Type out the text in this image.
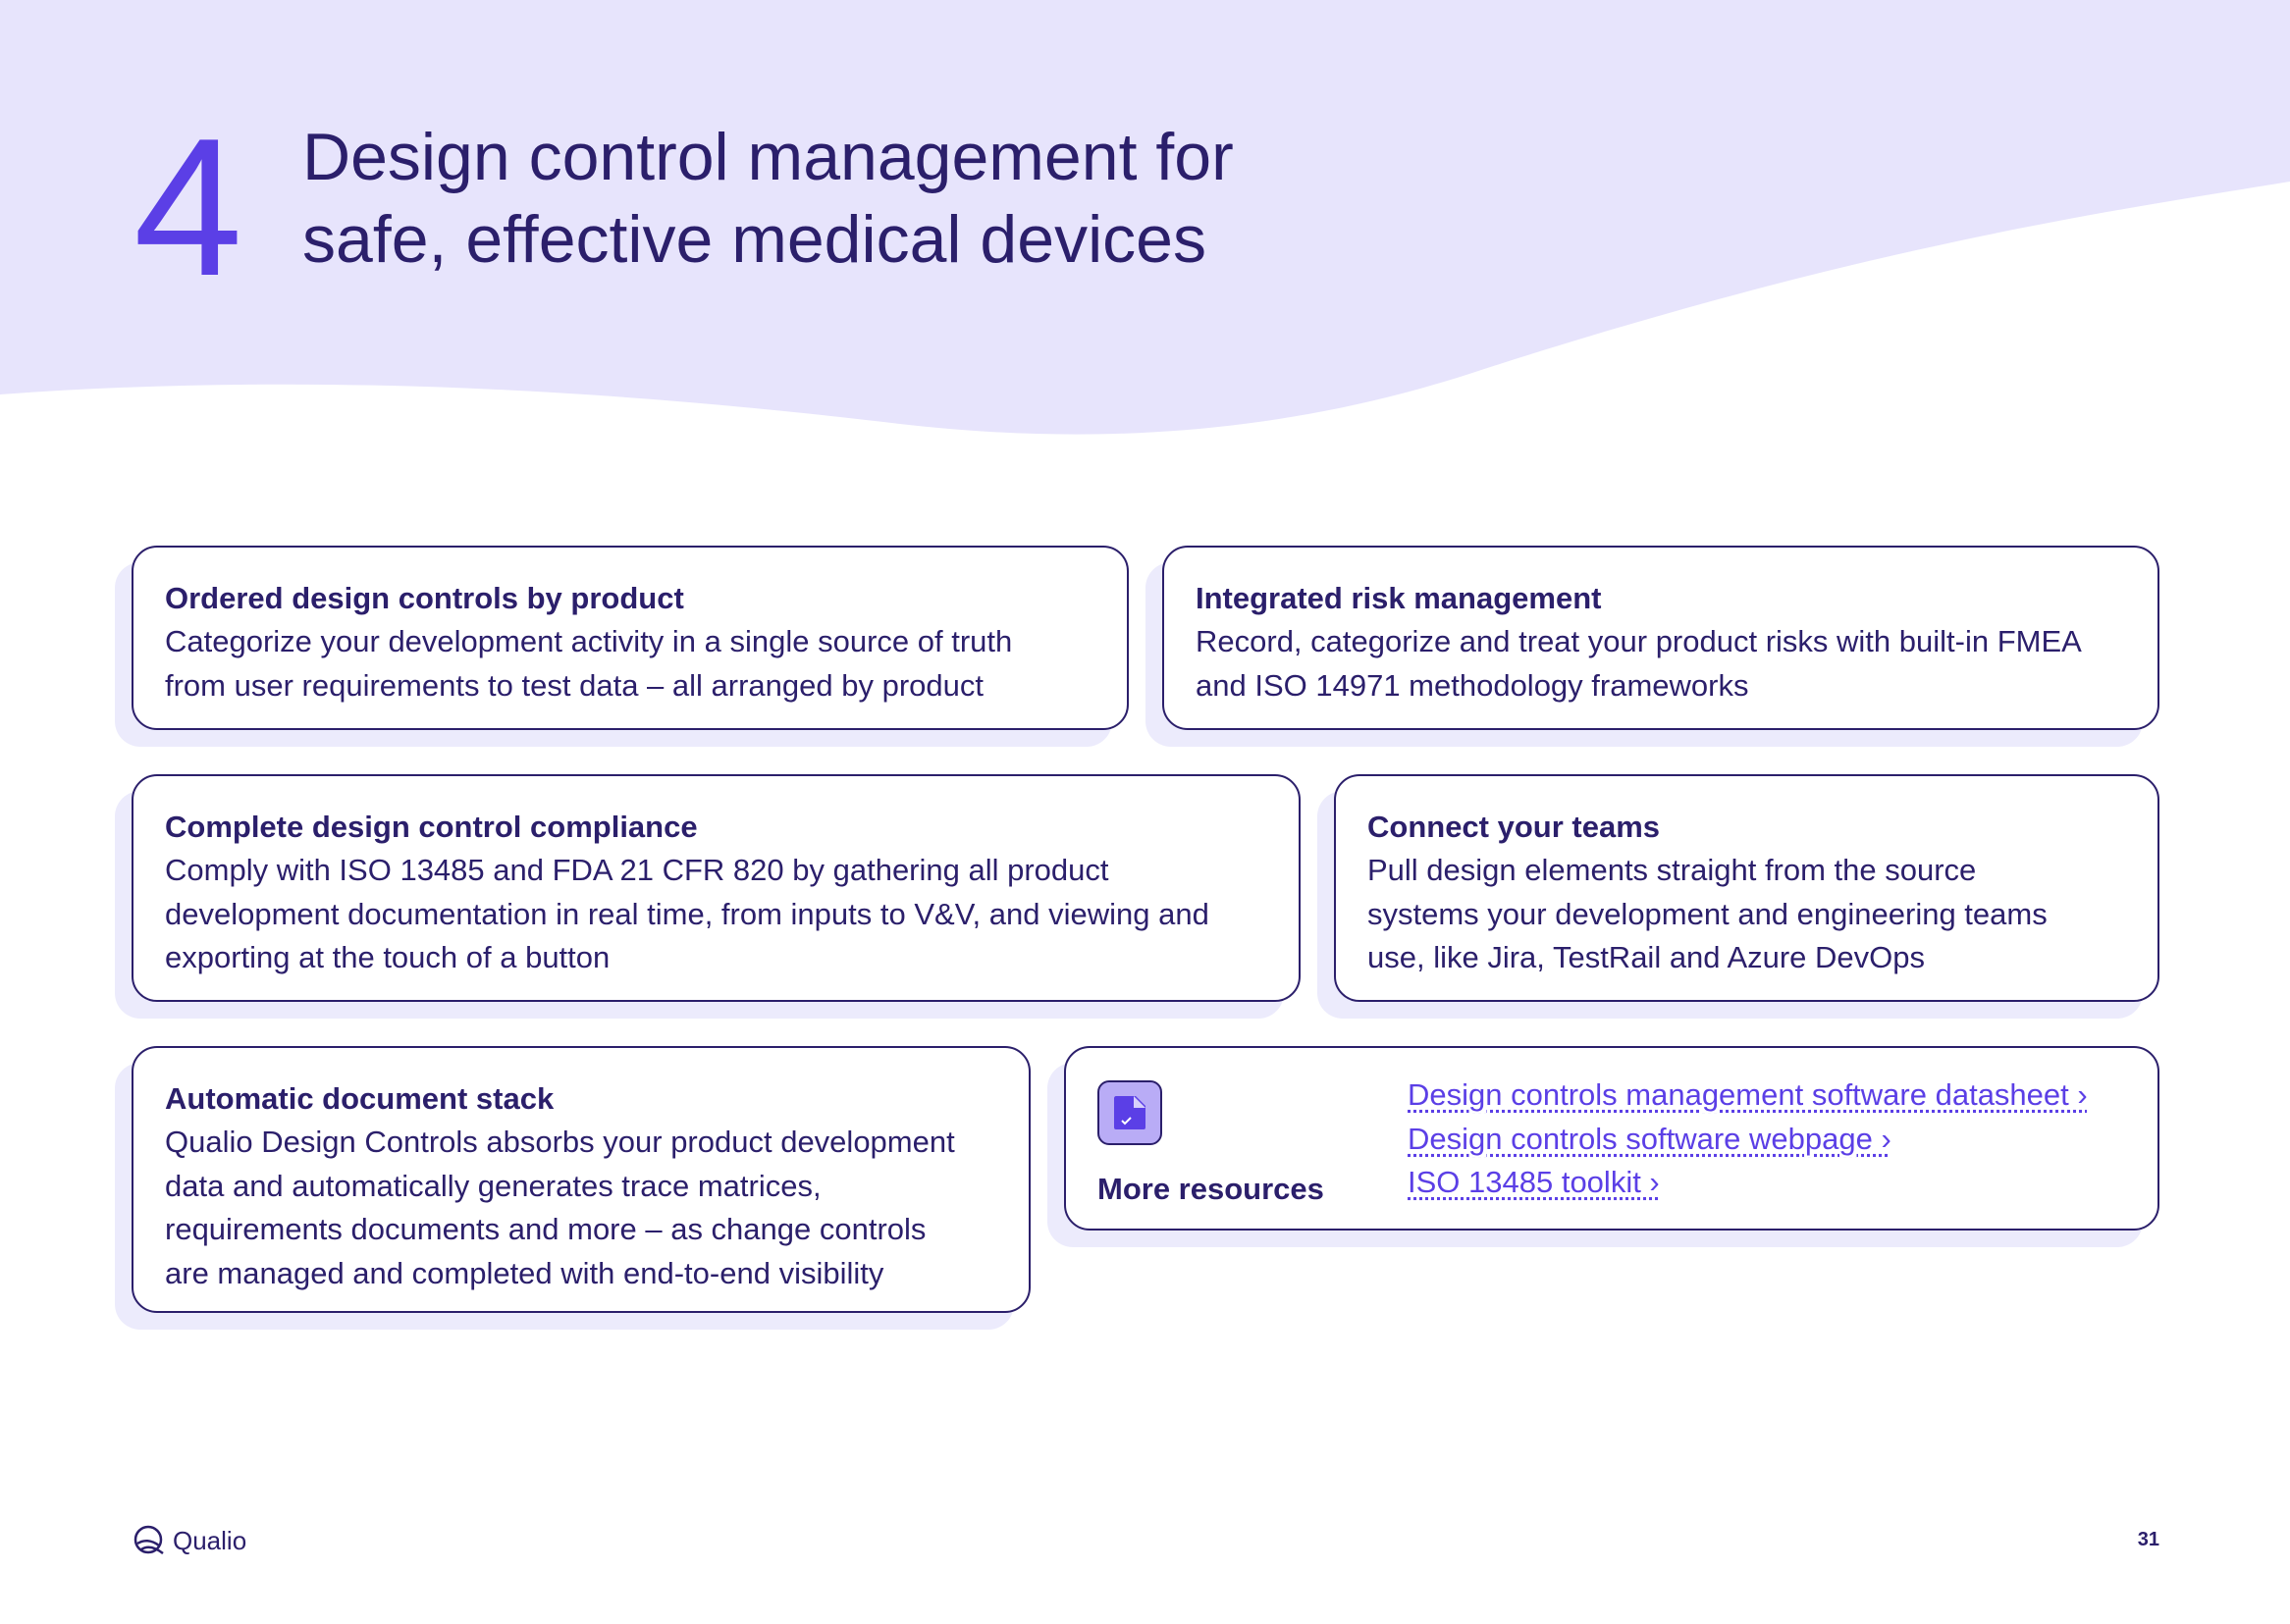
4 Design control management for
safe, effective medical devices

Ordered design controls by product

Categorize your development activity in a single source of truth
from user requirements to test data – all arranged by product

Integrated risk management

Record, categorize and treat your product risks with built-in FMEA
and ISO 14971 methodology frameworks

Complete design control compliance

Comply with ISO 13485 and FDA 21 CFR 820 by gathering all product
development documentation in real time, from inputs to V&V, and viewing and
exporting at the touch of a button

Connect your teams

Pull design elements straight from the source
systems your development and engineering teams
use, like Jira, TestRail and Azure DevOps

Automatic document stack

Qualio Design Controls absorbs your product development
data and automatically generates trace matrices,
requirements documents and more – as change controls
are managed and completed with end-to-end visibility

More resources
Design controls management software datasheet ›
Design controls software webpage ›
ISO 13485 toolkit ›
Qualio	31
